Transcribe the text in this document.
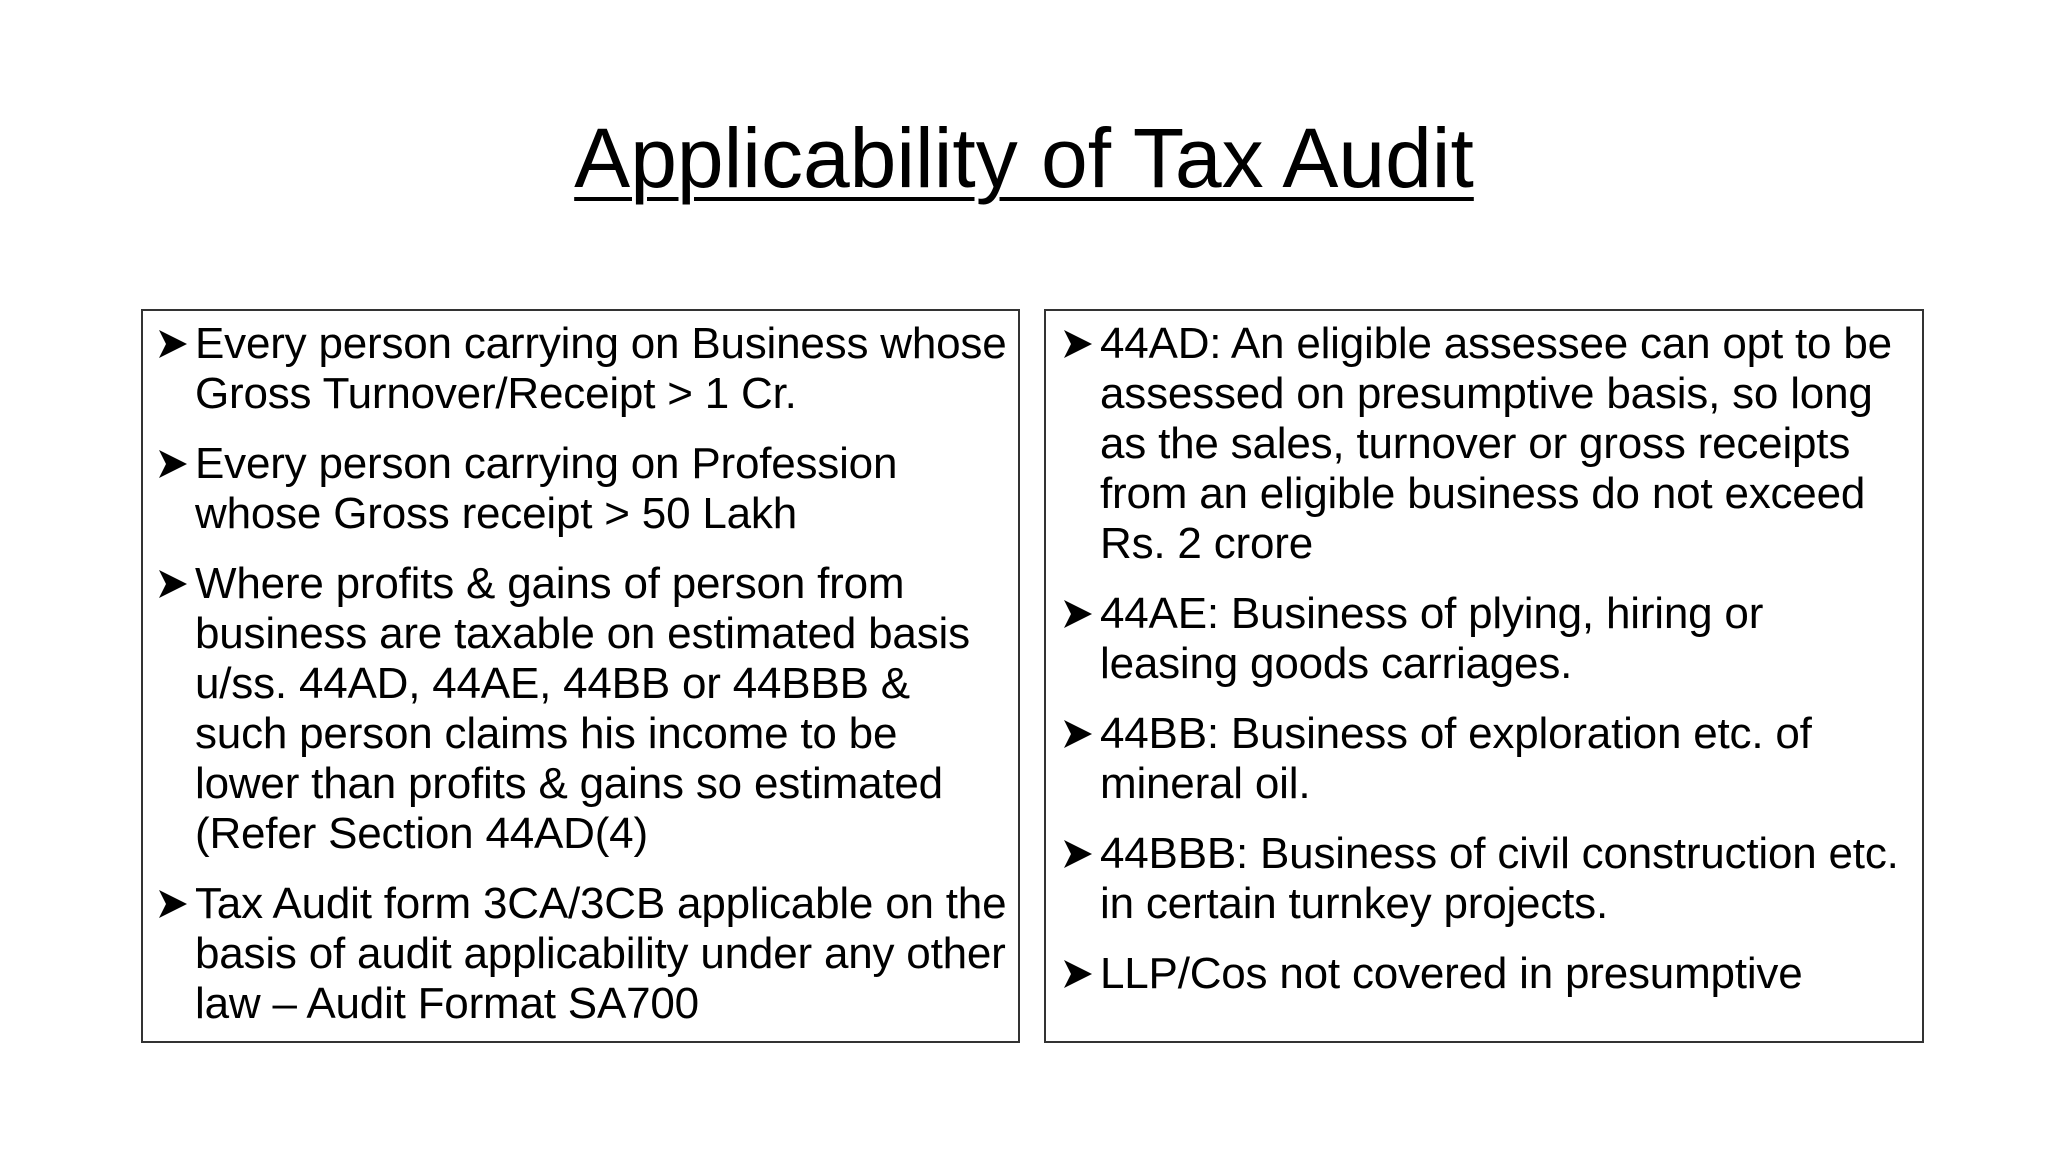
Applicability of Tax Audit
Every person carrying on Business whose Gross Turnover/Receipt > 1 Cr.
Every person carrying on Profession whose Gross receipt > 50 Lakh
Where profits & gains of person from business are taxable on estimated basis u/ss. 44AD, 44AE, 44BB or 44BBB & such person claims his income to be lower than profits & gains so estimated (Refer Section 44AD(4)
Tax Audit form 3CA/3CB applicable on the basis of audit applicability under any other law – Audit Format SA700
44AD: An eligible assessee can opt to be assessed on presumptive basis, so long as the sales, turnover or gross receipts from an eligible business do not exceed Rs. 2 crore
44AE: Business of plying, hiring or leasing goods carriages.
44BB: Business of exploration etc. of mineral oil.
44BBB: Business of civil construction etc. in certain turnkey projects.
LLP/Cos not covered in presumptive
